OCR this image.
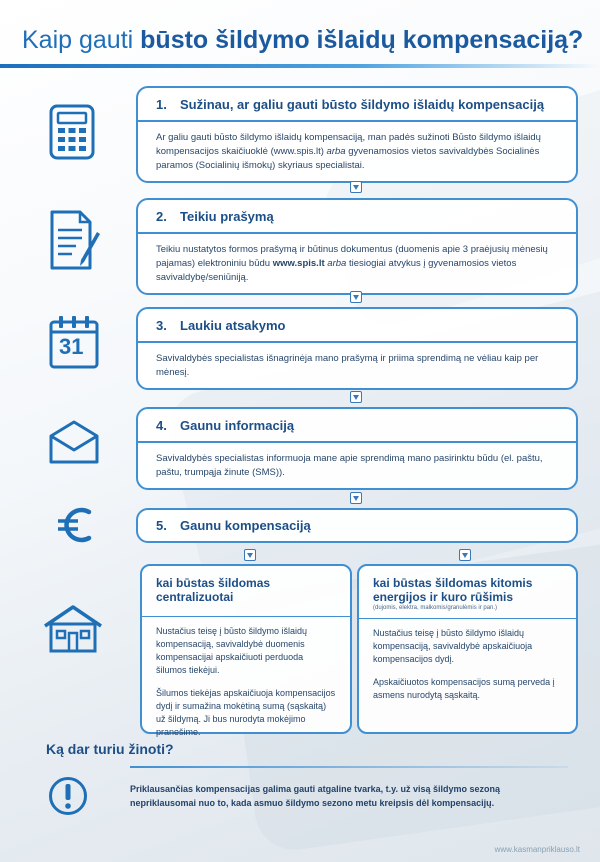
Kaip gauti būsto šildymo išlaidų kompensaciją?
31
1.	Sužinau, ar galiu gauti būsto šildymo išlaidų kompensaciją
Ar galiu gauti būsto šildymo išlaidų kompensaciją, man padės sužinoti Būsto šildymo išlaidų kompensacijos skaičiuoklė (www.spis.lt) arba gyvenamosios vietos savivaldybės Socialinės paramos (Socialinių išmokų) skyriaus specialistai.
2.	Teikiu prašymą
Teikiu nustatytos formos prašymą ir būtinus dokumentus (duomenis apie 3 praėjusių mėnesių pajamas) elektroniniu būdu www.spis.lt arba tiesiogiai atvykus į gyvenamosios vietos savivaldybę/seniūniją.
3.	Laukiu atsakymo
Savivaldybės specialistas išnagrinėja mano prašymą ir priima sprendimą ne vėliau kaip per mėnesį.
4.	Gaunu informaciją
Savivaldybės specialistas informuoja mane apie sprendimą mano pasirinktu būdu (el. paštu, paštu, trumpąja žinute (SMS)).
5.	Gaunu kompensaciją
kai būstas šildomas centralizuotai
Nustačius teisę į būsto šildymo išlaidų kompensaciją, savivaldybė duomenis kompensacijai apskaičiuoti perduoda šilumos tiekėjui.
Šilumos tiekėjas apskaičiuoja kompensacijos dydį ir sumažina mokėtiną sumą (sąskaitą) už šildymą. Ji bus nurodyta mokėjimo pranešime.
kai būstas šildomas kitomis energijos ir kuro rūšimis
(dujomis, elektra, malkomis/granulėmis ir pan.)
Nustačius teisę į būsto šildymo išlaidų kompensaciją, savivaldybė apskaičiuoja kompensacijos dydį.
Apskaičiuotos kompensacijos sumą perveda į asmens nurodytą sąskaitą.
Ką dar turiu žinoti?
Priklausančias kompensacijas galima gauti atgaline tvarka, t.y. už visą šildymo sezoną nepriklausomai nuo to, kada asmuo šildymo sezono metu kreipsis dėl kompensacijų.
www.kasmanpriklauso.lt
